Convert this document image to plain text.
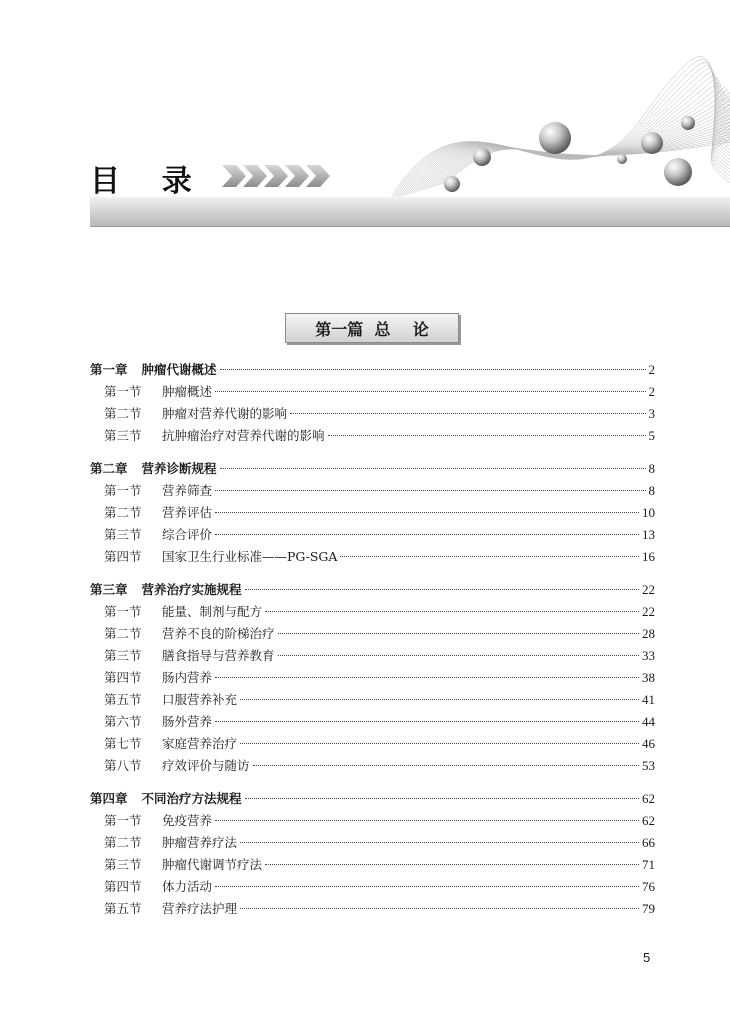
目    录
第一篇  总    论
第一章 肿瘤代谢概述	2
第一节	肿瘤概述	2
第二节	肿瘤对营养代谢的影响	3
第三节	抗肿瘤治疗对营养代谢的影响	5
第二章 营养诊断规程	8
第一节	营养筛查	8
第二节	营养评估	10
第三节	综合评价	13
第四节	国家卫生行业标准——PG-SGA	16
第三章 营养治疗实施规程	22
第一节	能量、制剂与配方	22
第二节	营养不良的阶梯治疗	28
第三节	膳食指导与营养教育	33
第四节	肠内营养	38
第五节	口服营养补充	41
第六节	肠外营养	44
第七节	家庭营养治疗	46
第八节	疗效评价与随访	53
第四章 不同治疗方法规程	62
第一节	免疫营养	62
第二节	肿瘤营养疗法	66
第三节	肿瘤代谢调节疗法	71
第四节	体力活动	76
第五节	营养疗法护理	79
5
